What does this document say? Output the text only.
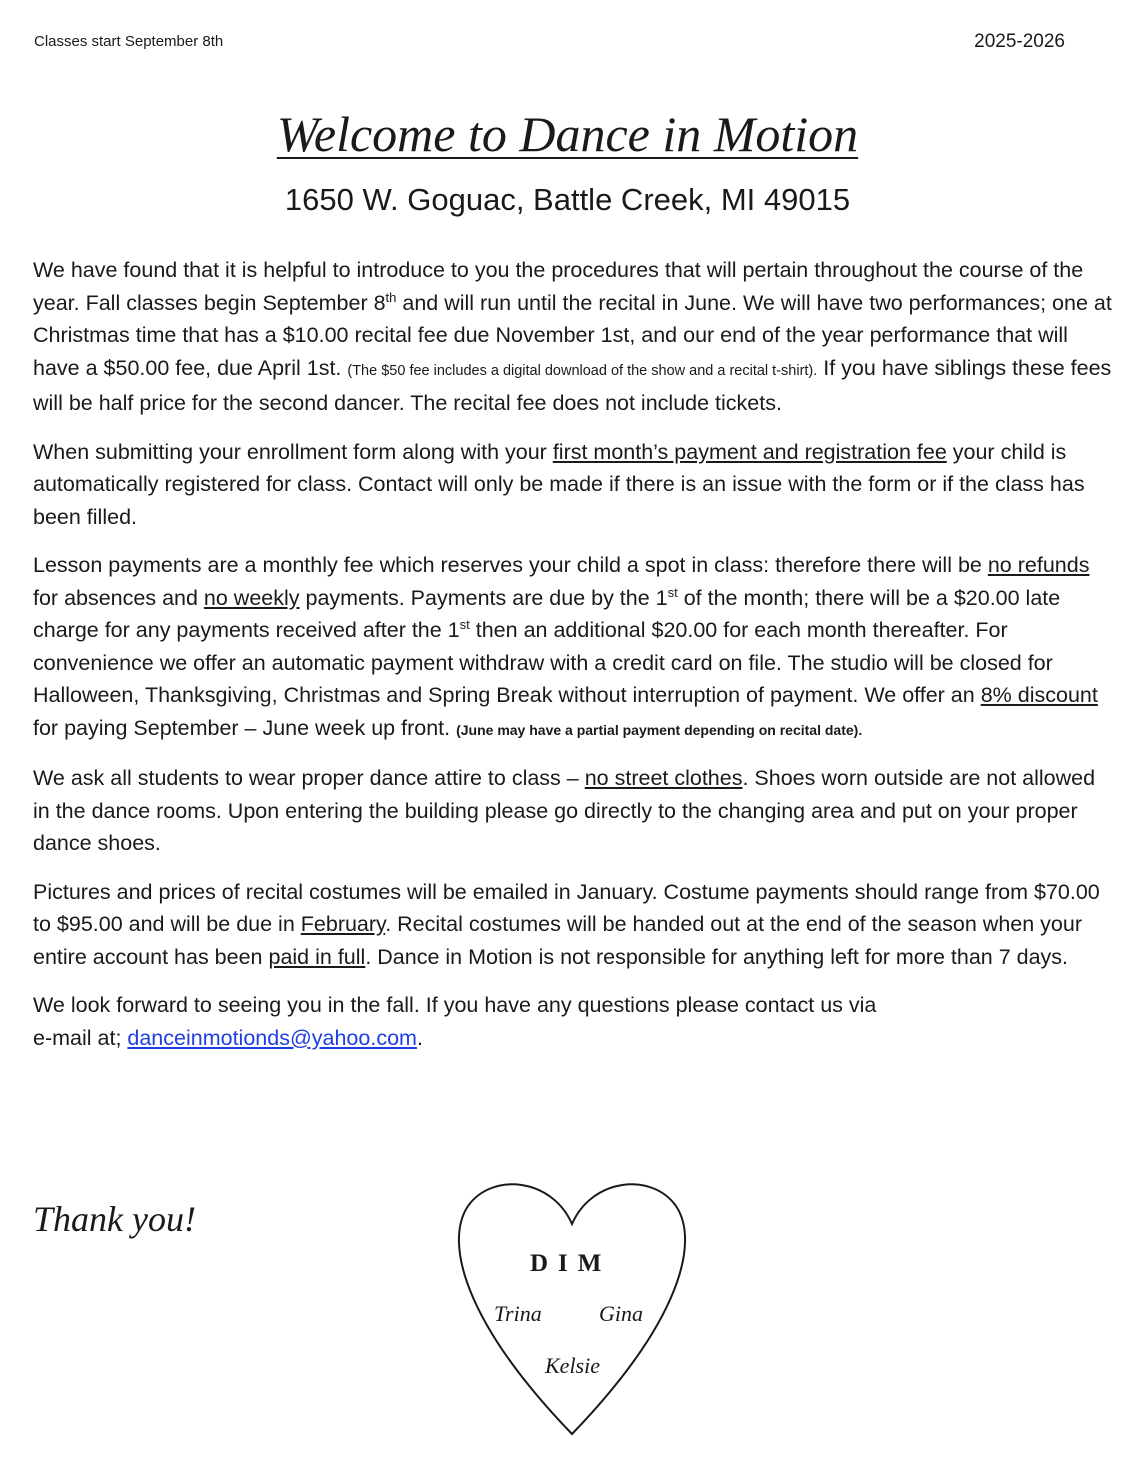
Classes start September 8th	2025-2026
Welcome to Dance in Motion
1650 W. Goguac, Battle Creek, MI 49015

We have found that it is helpful to introduce to you the procedures that will pertain throughout the course of the year. Fall classes begin September 8th and will run until the recital in June. We will have two performances; one at Christmas time that has a $10.00 recital fee due November 1st, and our end of the year performance that will have a $50.00 fee, due April 1st. (The $50 fee includes a digital download of the show and a recital t-shirt). If you have siblings these fees will be half price for the second dancer. The recital fee does not include tickets.

When submitting your enrollment form along with your first month’s payment and registration fee your child is automatically registered for class. Contact will only be made if there is an issue with the form or if the class has been filled.

Lesson payments are a monthly fee which reserves your child a spot in class: therefore there will be no refunds for absences and no weekly payments. Payments are due by the 1st of the month; there will be a $20.00 late charge for any payments received after the 1st then an additional $20.00 for each month thereafter. For convenience we offer an automatic payment withdraw with a credit card on file. The studio will be closed for Halloween, Thanksgiving, Christmas and Spring Break without interruption of payment. We offer an 8% discount for paying September – June week up front. (June may have a partial payment depending on recital date).

We ask all students to wear proper dance attire to class – no street clothes. Shoes worn outside are not allowed in the dance rooms. Upon entering the building please go directly to the changing area and put on your proper dance shoes.

Pictures and prices of recital costumes will be emailed in January. Costume payments should range from $70.00 to $95.00 and will be due in February. Recital costumes will be handed out at the end of the season when your entire account has been paid in full. Dance in Motion is not responsible for anything left for more than 7 days.

We look forward to seeing you in the fall. If you have any questions please contact us via
e-mail at; danceinmotionds@yahoo.com.

Thank you!
DIM
Trina	Gina
Kelsie
